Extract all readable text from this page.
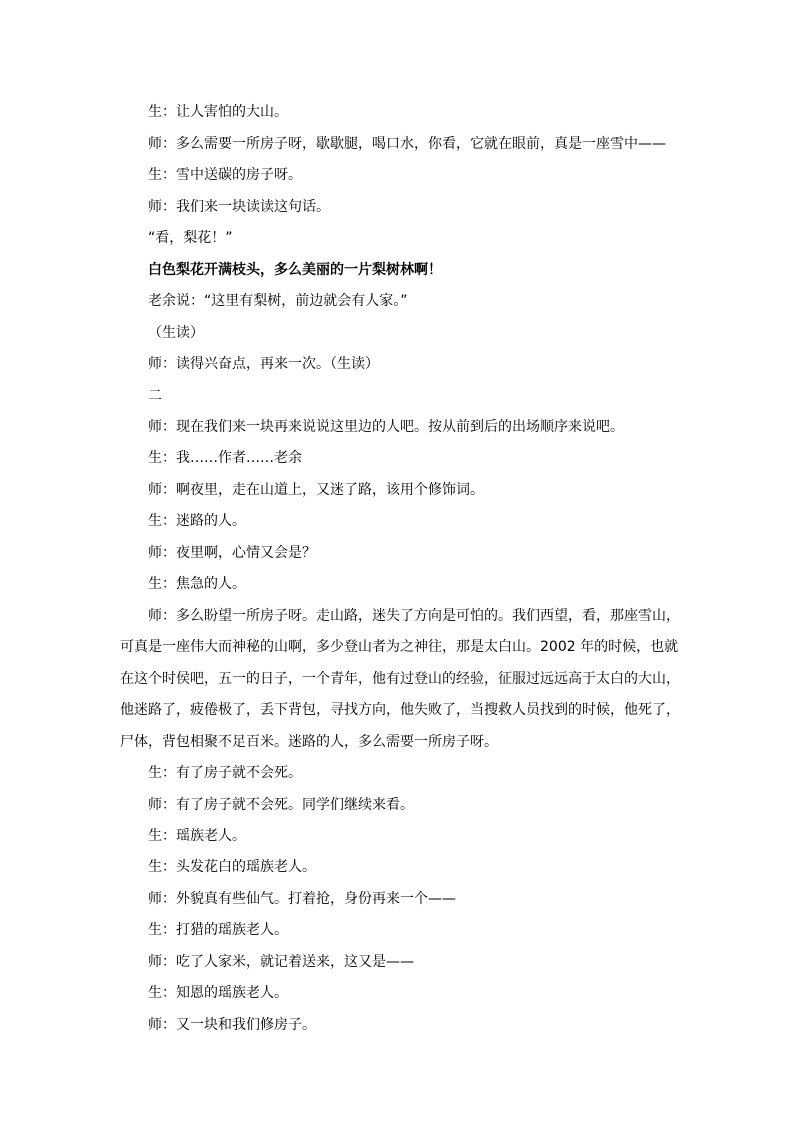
生：让人害怕的大山。
师：多么需要一所房子呀，歇歇腿，喝口水，你看，它就在眼前，真是一座雪中——
生：雪中送碳的房子呀。
师：我们来一块读读这句话。
“看，梨花！”
白色梨花开满枝头，多么美丽的一片梨树林啊！
老余说：“这里有梨树，前边就会有人家。”
（生读）
师：读得兴奋点，再来一次。（生读）
二
师：现在我们来一块再来说说这里边的人吧。按从前到后的出场顺序来说吧。
生：我……作者……老余
师：啊夜里，走在山道上，又迷了路，该用个修饰词。
生：迷路的人。
师：夜里啊，心情又会是？
生：焦急的人。
师：多么盼望一所房子呀。走山路，迷失了方向是可怕的。我们西望，看，那座雪山，
可真是一座伟大而神秘的山啊，多少登山者为之神往，那是太白山。2002 年的时候，也就
在这个时侯吧，五一的日子，一个青年，他有过登山的经验，征服过远远高于太白的大山，
他迷路了，疲倦极了，丢下背包，寻找方向，他失败了，当搜救人员找到的时候，他死了，
尸体，背包相聚不足百米。迷路的人，多么需要一所房子呀。
生：有了房子就不会死。
师：有了房子就不会死。同学们继续来看。
生：瑶族老人。
生：头发花白的瑶族老人。
师：外貌真有些仙气。打着抢，身份再来一个——
生：打猎的瑶族老人。
师：吃了人家米，就记着送来，这又是——
生：知恩的瑶族老人。
师：又一块和我们修房子。
